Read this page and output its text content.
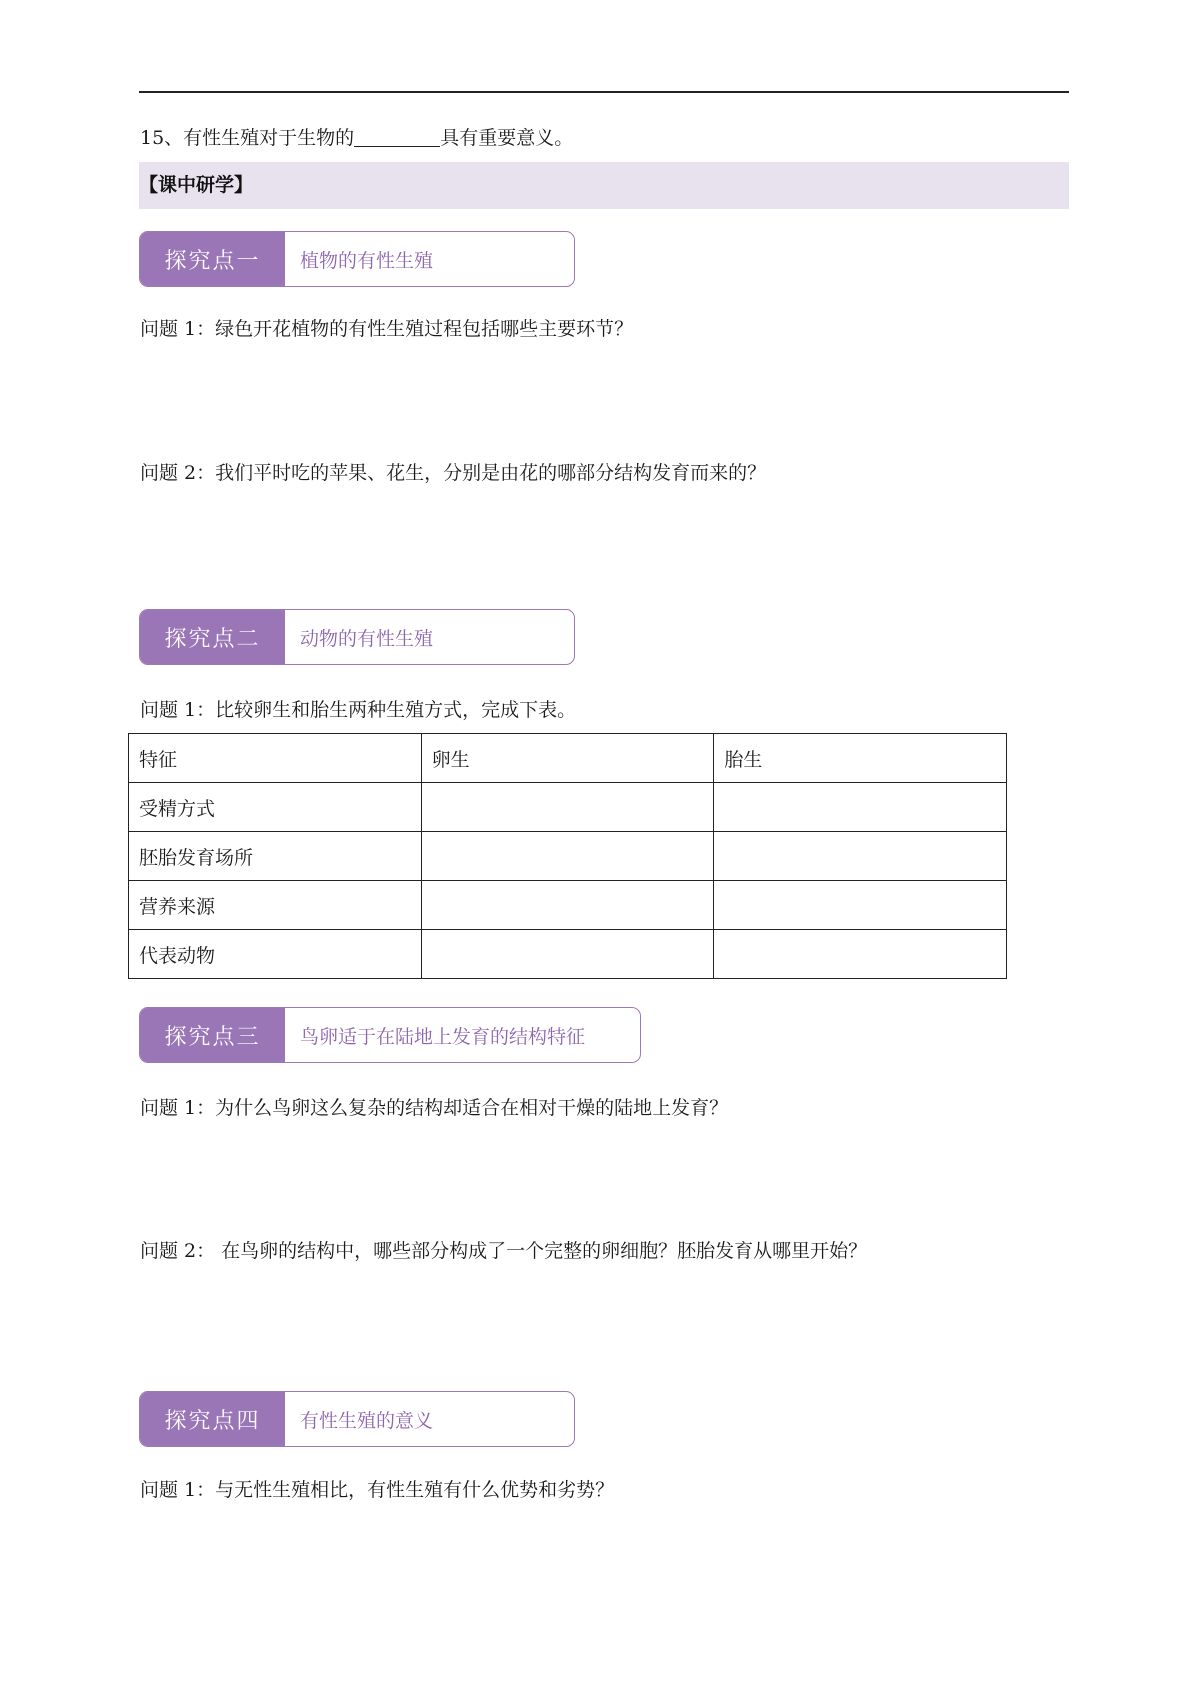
15、有性生殖对于生物的	具有重要意义。
【课中研学】
探究点一	植物的有性生殖
问题 1：绿色开花植物的有性生殖过程包括哪些主要环节？
问题 2：我们平时吃的苹果、花生，分别是由花的哪部分结构发育而来的？
探究点二	动物的有性生殖
问题 1：比较卵生和胎生两种生殖方式，完成下表。
特征	卵生	胎生
受精方式		
胚胎发育场所		
营养来源		
代表动物		
探究点三	鸟卵适于在陆地上发育的结构特征
问题 1：为什么鸟卵这么复杂的结构却适合在相对干燥的陆地上发育？
问题 2： 在鸟卵的结构中，哪些部分构成了一个完整的卵细胞？胚胎发育从哪里开始？
探究点四	有性生殖的意义
问题 1：与无性生殖相比，有性生殖有什么优势和劣势？
